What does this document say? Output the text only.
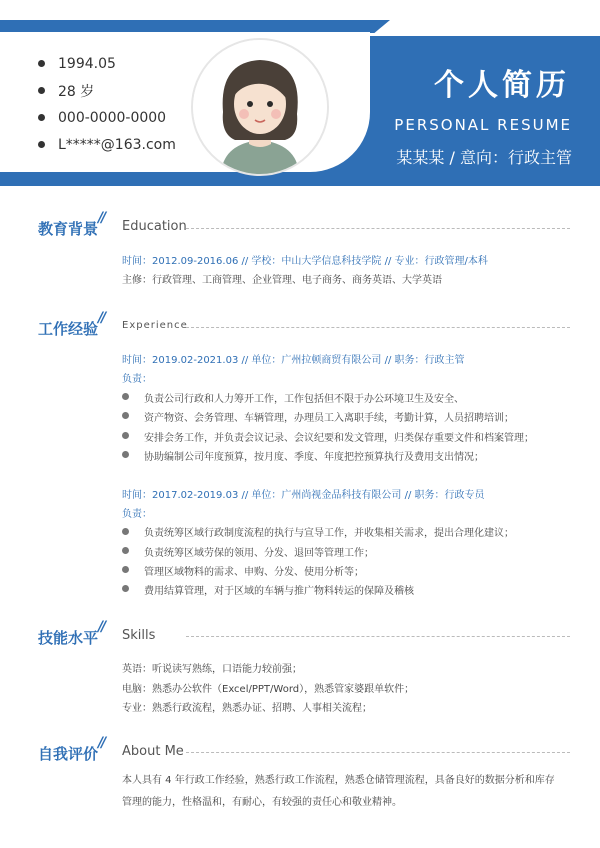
1994.05
28 岁
000-0000-0000
L*****@163.com
个人简历
PERSONAL RESUME
某某某 / 意向：行政主管
教育背景
//
Education
时间：2012.09-2016.06 // 学校：中山大学信息科技学院 // 专业：行政管理/本科
主修：行政管理、工商管理、企业管理、电子商务、商务英语、大学英语
工作经验
// Experience
时间：2019.02-2021.03 // 单位：广州拉顿商贸有限公司 // 职务：行政主管
负责：
负责公司行政和人力筹开工作，工作包括但不限于办公环境卫生及安全、
资产物资、会务管理、车辆管理，办理员工入离职手续，考勤计算，人员招聘培训；
安排会务工作，并负责会议记录、会议纪要和发文管理，归类保存重要文件和档案管理；
协助编制公司年度预算，按月度、季度、年度把控预算执行及费用支出情况；
时间：2017.02-2019.03 // 单位：广州尚视金品科技有限公司 // 职务：行政专员
负责：
负责统筹区域行政制度流程的执行与宣导工作，并收集相关需求，提出合理化建议；
负责统筹区域劳保的领用、分发、退回等管理工作；
管理区域物料的需求、申购、分发、使用分析等；
费用结算管理，对于区域的车辆与推广物料转运的保障及稽核
技能水平
//
Skills
英语：听说读写熟练，口语能力较前强；
电脑：熟悉办公软件（Excel/PPT/Word），熟悉管家婆跟单软件；
专业：熟悉行政流程，熟悉办证、招聘、人事相关流程；
自我评价
//
About Me
本人具有 4 年行政工作经验，熟悉行政工作流程，熟悉仓储管理流程，具备良好的数据分析和库存管理的能力，性格温和，有耐心，有较强的责任心和敬业精神。
